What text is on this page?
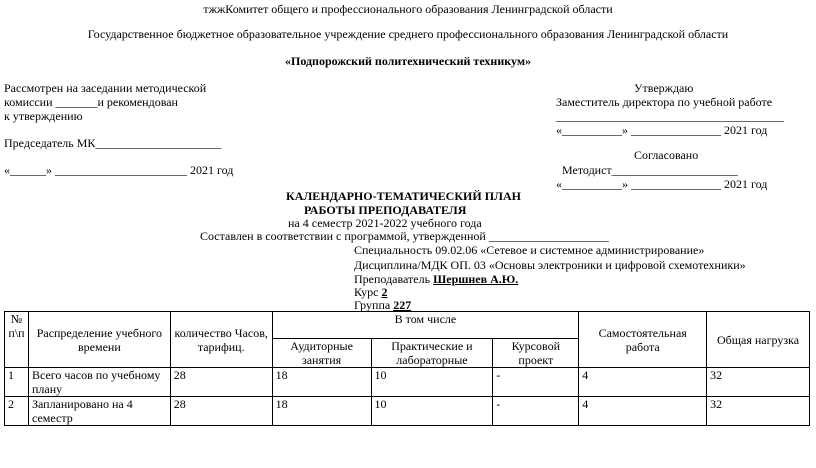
тжжКомитет общего и профессионального образования Ленинградской области
Государственное бюджетное образовательное учреждение среднего профессионального образования Ленинградской области
«Подпорожский политехнический техникум»
Рассмотрен на заседании методической
комиссии _______и рекомендован
к утверждению
Председатель МК_____________________
«______» ______________________ 2021 год
Утверждаю
Заместитель директора по учебной работе
______________________________________
«__________» _______________ 2021 год
Согласовано
Методист_____________________
«__________» _______________ 2021 год
КАЛЕНДАРНО-ТЕМАТИЧЕСКИЙ ПЛАН
РАБОТЫ ПРЕПОДАВАТЕЛЯ
на 4 семестр 2021-2022 учебного года
Составлен в соответствии с программой, утвержденной ____________________
Специальность 09.02.06 «Сетевое и системное администрирование»
Дисциплина/МДК ОП. 03 «Основы электроники и цифровой схемотехники»
Преподаватель Шершнев А.Ю.
Курс 2
Группа 227
№ п\п	Распределение учебного времени	количество Часов, тарифиц.	В том числе			Самостоятельная работа	Общая нагрузка
			Аудиторные занятия	Практические и лабораторные	Курсовой проект		
1	Всего часов по учебному плану	28	18	10	-	4	32
2	Запланировано на 4 семестр	28	18	10	-	4	32
